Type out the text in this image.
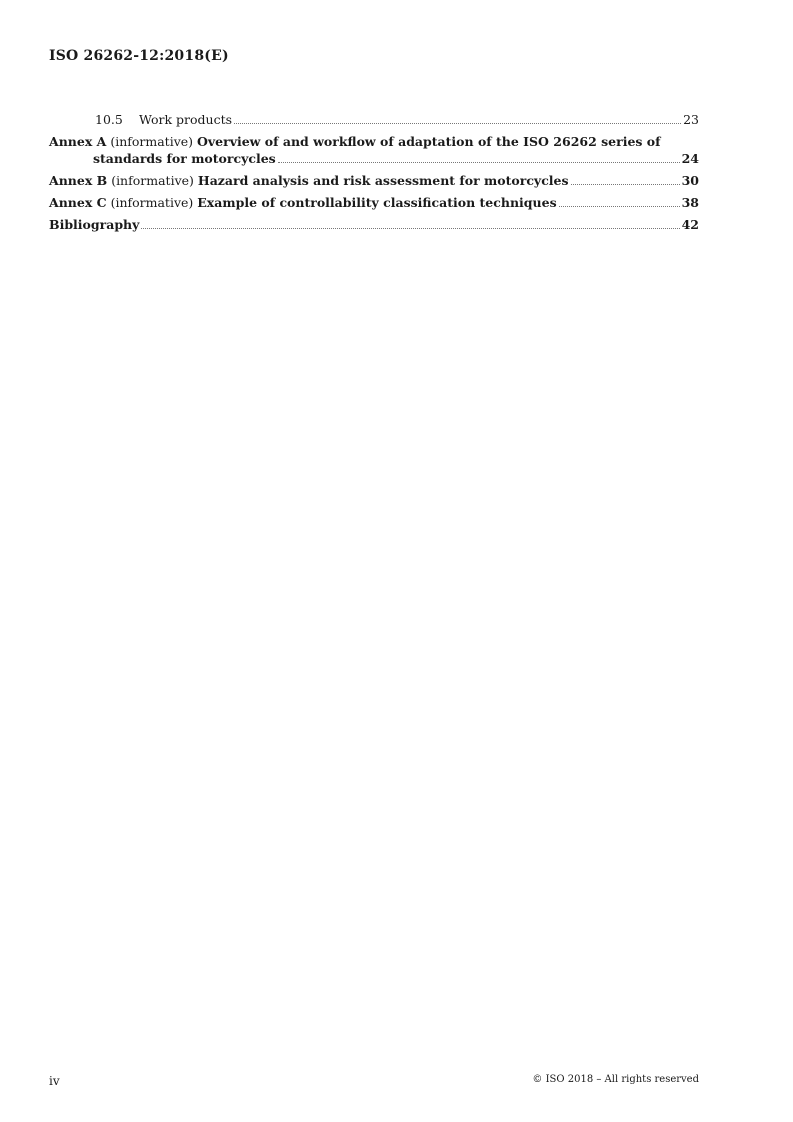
ISO 26262-12:2018(E)
10.5 Work products	23
Annex A (informative) Overview of and workflow of adaptation of the ISO 26262 series of
standards for motorcycles	24
Annex B (informative) Hazard analysis and risk assessment for motorcycles	30
Annex C (informative) Example of controllability classification techniques	38
Bibliography	42
iv	© ISO 2018 – All rights reserved
